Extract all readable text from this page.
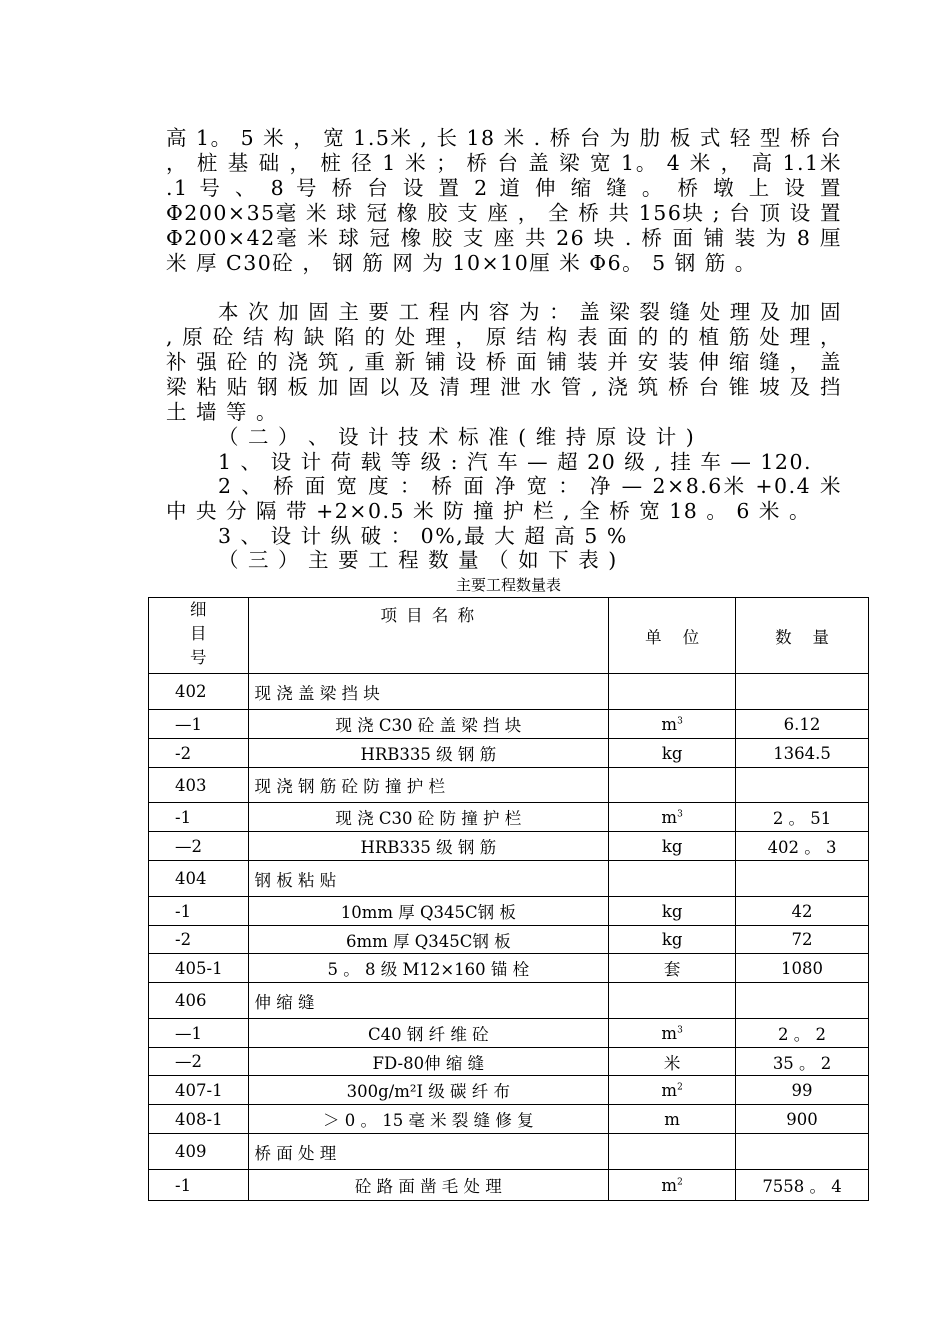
高 1。 5 米 ， 宽 1.5米 , 长 18 米 . 桥 台 为 肋 板 式 轻 型 桥 台 ， 桩 基 础 ， 桩 径 1 米 ； 桥 台 盖 梁 宽 1。 4 米 ， 高 1.1米 .1 号 、 8 号 桥 台 设 置 2 道 伸 缩 缝 。 桥 墩 上 设 置 Φ200×35毫 米 球 冠 橡 胶 支 座 ， 全 桥 共 156块 ; 台 顶 设 置 Φ200×42毫 米 球 冠 橡 胶 支 座 共 26 块 . 桥 面 铺 装 为 8 厘 米 厚 C30砼 ， 钢 筋 网 为 10×10厘 米 Φ6。 5 钢 筋 。

本 次 加 固 主 要 工 程 内 容 为 ： 盖 梁 裂 缝 处 理 及 加 固 , 原 砼 结 构 缺 陷 的 处 理 ， 原 结 构 表 面 的 的 植 筋 处 理 ， 补 强 砼 的 浇 筑 , 重 新 铺 设 桥 面 铺 装 并 安 装 伸 缩 缝 ， 盖 梁 粘 贴 钢 板 加 固 以 及 清 理 泄 水 管 , 浇 筑 桥 台 锥 坡 及 挡 土 墙 等 。

（ 二 ） 、 设 计 技 术 标 准 ( 维 持 原 设 计 )

1 、 设 计 荷 载 等 级 : 汽 车 — 超 20 级 , 挂 车 — 120.

2 、 桥 面 宽 度 ： 桥 面 净 宽 ： 净 — 2×8.6米 +0.4 米 中 央 分 隔 带 +2×0.5 米 防 撞 护 栏 , 全 桥 宽 18 。 6 米 。

3 、 设 计 纵 破 ： 0%,最 大 超 高 5 %

（ 三 ） 主 要 工 程 数 量 （ 如 下 表 )

主要工程数量表
细目号	项 目 名 称	单    位	数    量
402	现 浇 盖 梁 挡 块		
—1	现 浇 C30 砼 盖 梁 挡 块	$m^3$	6.12
-2	HRB335 级 钢 筋	kg	1364.5
403	现 浇 钢 筋 砼 防 撞 护 栏		
-1	现 浇 C30 砼 防 撞 护 栏	$m^3$	2 。 51
—2	HRB335 级 钢 筋	kg	402 。 3
404	钢 板 粘 贴		
-1	10mm 厚 Q345C钢 板	kg	42
-2	6mm 厚 Q345C钢 板	kg	72
405-1	5 。 8 级 M12×160 锚 栓	套	1080
406	伸 缩 缝		
—1	C40 钢 纤 维 砼	$m^3$	2 。 2
—2	FD-80伸 缩 缝	米	35 。 2
407-1	300g/m²I 级 碳 纤 布	$m^2$	99
408-1	＞ 0 。 15 毫 米 裂 缝 修 复	m	900
409	桥 面 处 理		
-1	砼 路 面 凿 毛 处 理	$m^2$	7558 。 4
